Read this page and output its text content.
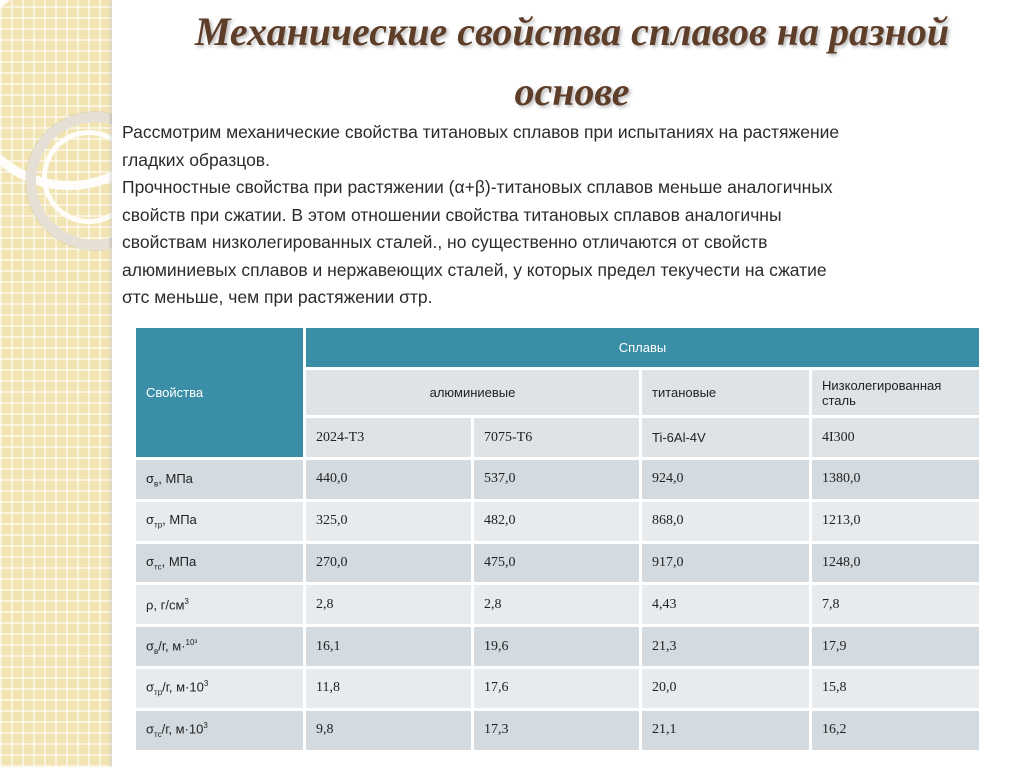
Механические свойства сплавов на разной
основе

Рассмотрим механические свойства титановых сплавов при испытаниях на растяжение
гладких образцов.

Прочностные свойства при растяжении (α+β)-титановых сплавов меньше аналогичных
свойств при сжатии. В этом отношении свойства титановых сплавов аналогичны
свойствам низколегированных сталей., но существенно отличаются от свойств
алюминиевых сплавов и нержавеющих сталей, у которых предел текучести на сжатие
σтс меньше, чем при растяжении σтр.

Свойства	Сплавы			
	алюминиевые		титановые	Низколегированная
сталь
	2024-T3	7075-T6	Ti-6Al-4V	4I300
$\sigma_в$, МПа	440,0	537,0	924,0	1380,0
$\sigma_{тр}$, МПа	325,0	482,0	868,0	1213,0
$\sigma_{тс}$, МПа	270,0	475,0	917,0	1248,0
ρ, $г/см^3$	2,8	2,8	4,43	7,8
$\sigma_в/г$, м·$^{10^3}$	16,1	19,6	21,3	17,9
$\sigma_{тр}/г$, $м\cdot 10^3$	11,8	17,6	20,0	15,8
$\sigma_{тс}/г$, $м\cdot 10^3$	9,8	17,3	21,1	16,2
